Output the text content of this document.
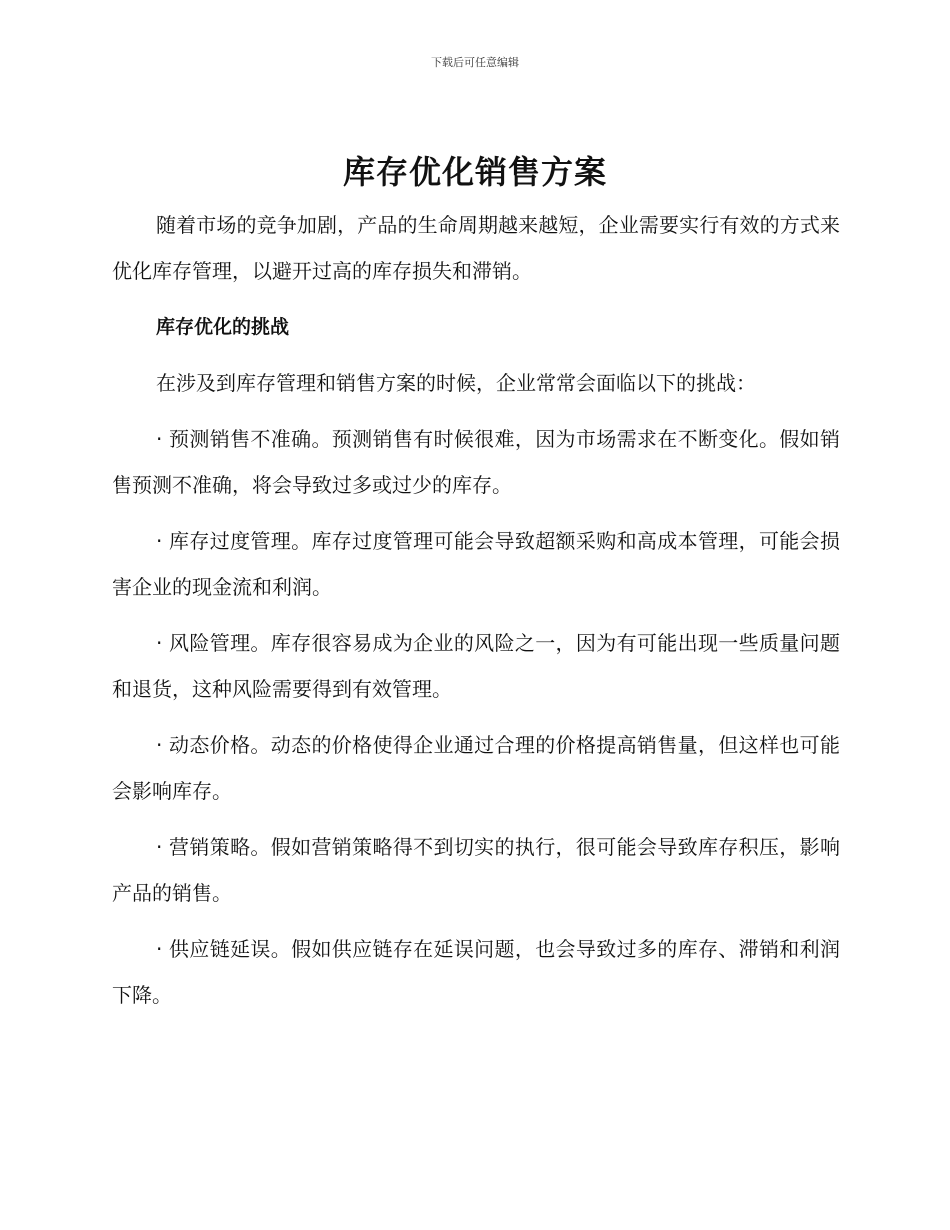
下载后可任意编辑
库存优化销售方案

随着市场的竞争加剧，产品的生命周期越来越短，企业需要实行有效的方式来优化库存管理，以避开过高的库存损失和滞销。

库存优化的挑战

在涉及到库存管理和销售方案的时候，企业常常会面临以下的挑战：

· 预测销售不准确。预测销售有时候很难，因为市场需求在不断变化。假如销售预测不准确，将会导致过多或过少的库存。

· 库存过度管理。库存过度管理可能会导致超额采购和高成本管理，可能会损害企业的现金流和利润。

· 风险管理。库存很容易成为企业的风险之一，因为有可能出现一些质量问题和退货，这种风险需要得到有效管理。

· 动态价格。动态的价格使得企业通过合理的价格提高销售量，但这样也可能会影响库存。

· 营销策略。假如营销策略得不到切实的执行，很可能会导致库存积压，影响产品的销售。

· 供应链延误。假如供应链存在延误问题，也会导致过多的库存、滞销和利润下降。
